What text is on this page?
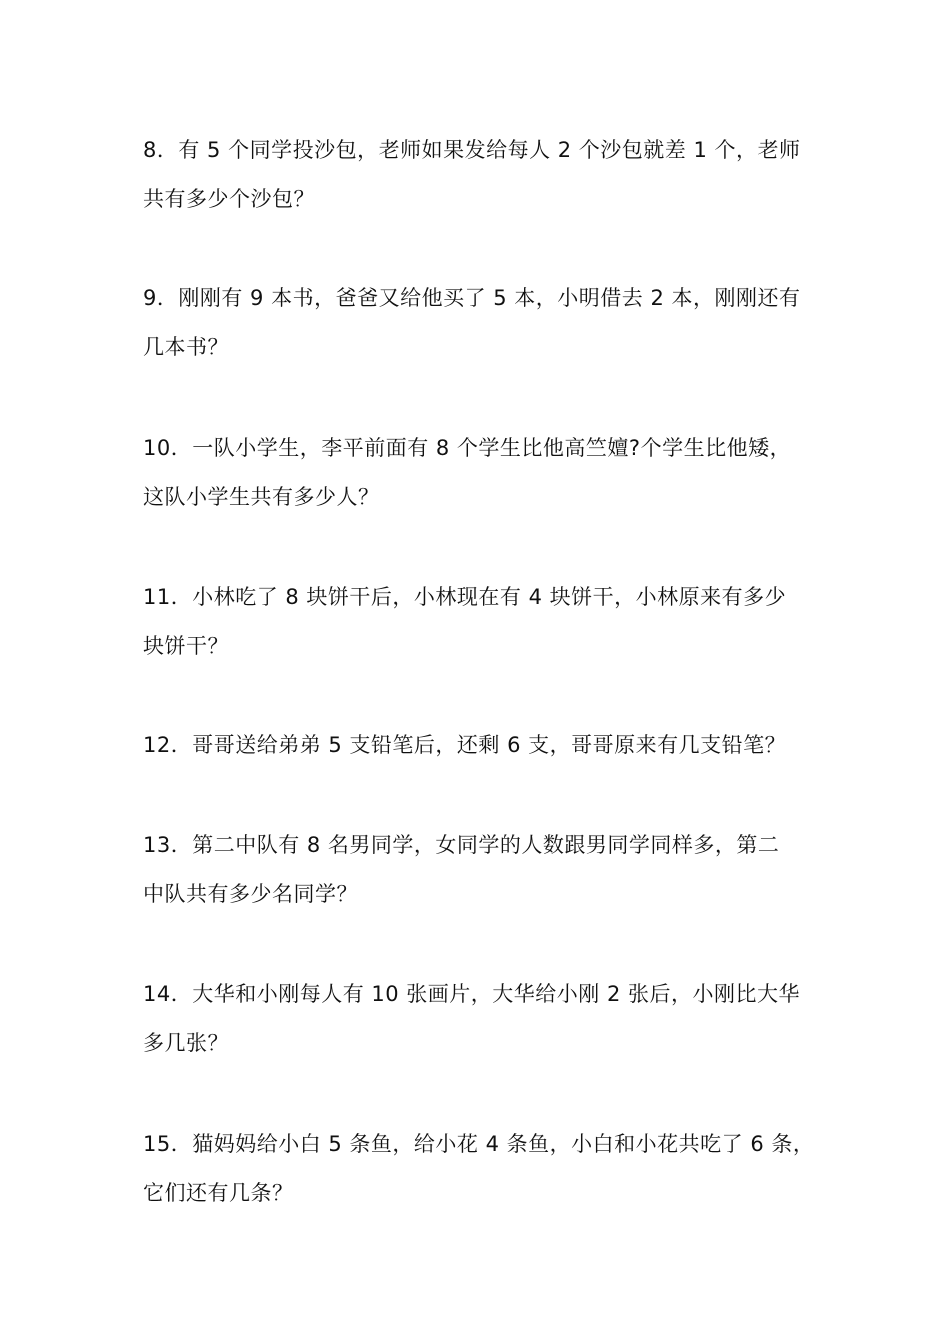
8．有 5 个同学投沙包，老师如果发给每人 2 个沙包就差 1 个，老师
共有多少个沙包？
9．刚刚有 9 本书，爸爸又给他买了 5 本，小明借去 2 本，刚刚还有
几本书？
10．一队小学生，李平前面有 8 个学生比他高竺嬗?个学生比他矮，
这队小学生共有多少人？
11．小林吃了 8 块饼干后，小林现在有 4 块饼干，小林原来有多少
块饼干？
12．哥哥送给弟弟 5 支铅笔后，还剩 6 支，哥哥原来有几支铅笔？
13．第二中队有 8 名男同学，女同学的人数跟男同学同样多，第二
中队共有多少名同学？
14．大华和小刚每人有 10 张画片，大华给小刚 2 张后，小刚比大华
多几张？
15．猫妈妈给小白 5 条鱼，给小花 4 条鱼，小白和小花共吃了 6 条，
它们还有几条？
